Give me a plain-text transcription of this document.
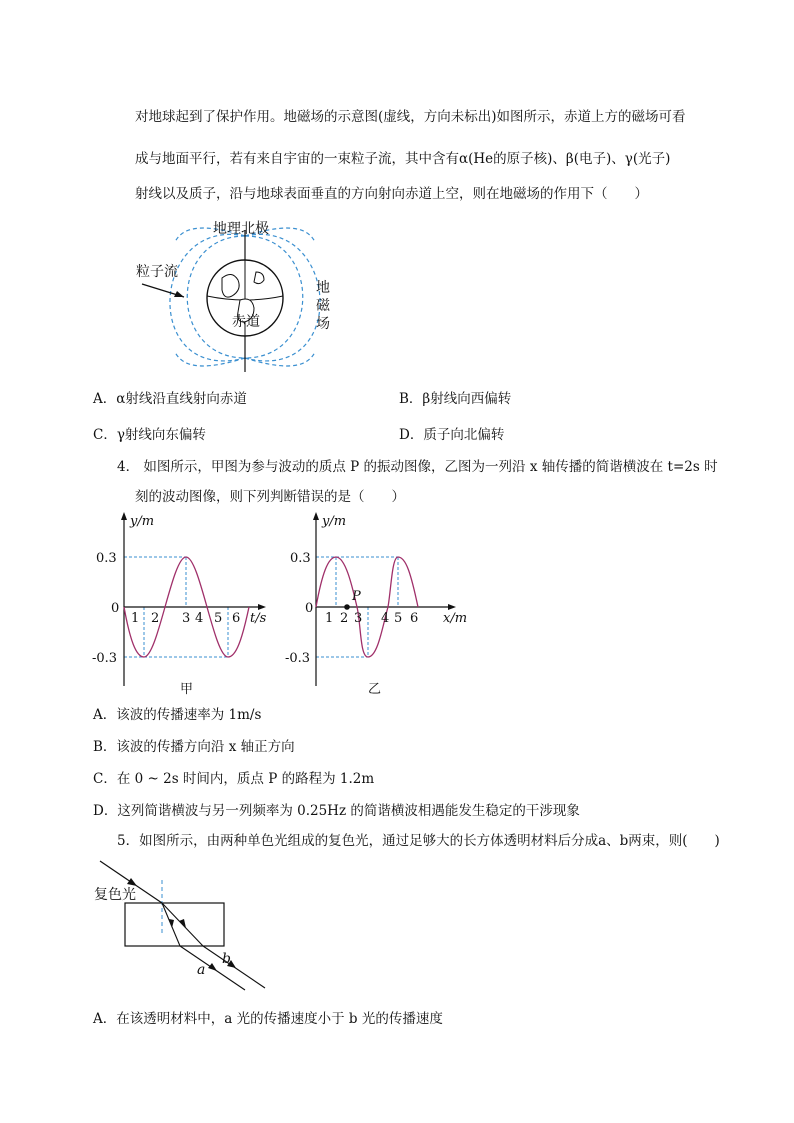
对地球起到了保护作用。地磁场的示意图(虚线，方向未标出)如图所示，赤道上方的磁场可看
成与地面平行，若有来自宇宙的一束粒子流，其中含有α(He的原子核)、β(电子)、γ(光子)
射线以及质子，沿与地球表面垂直的方向射向赤道上空，则在地磁场的作用下（　　）
地理北极
粒子流
赤道
地
磁
场
A．α射线沿直线射向赤道	B．β射线向西偏转
C．γ射线向东偏转	D．质子向北偏转
4． 如图所示，甲图为参与波动的质点 P 的振动图像，乙图为一列沿 x 轴传播的简谐横波在 t=2s 时
刻的波动图像，则下列判断错误的是（　　）
y/m
t/s
0.3
0
-0.3
1 2 3 4 5 6
甲
P
y/m
x/m
0.3
0
-0.3
1 2 3 4 5 6
乙
A．该波的传播速率为 1m/s
B．该波的传播方向沿 x 轴正方向
C．在 0 ~ 2s 时间内，质点 P 的路程为 1.2m
D．这列简谐横波与另一列频率为 0.25Hz 的简谐横波相遇能发生稳定的干涉现象
5．如图所示，由两种单色光组成的复色光，通过足够大的长方体透明材料后分成a、b两束，则(　　)
复色光
a
b
A．在该透明材料中，a 光的传播速度小于 b 光的传播速度
